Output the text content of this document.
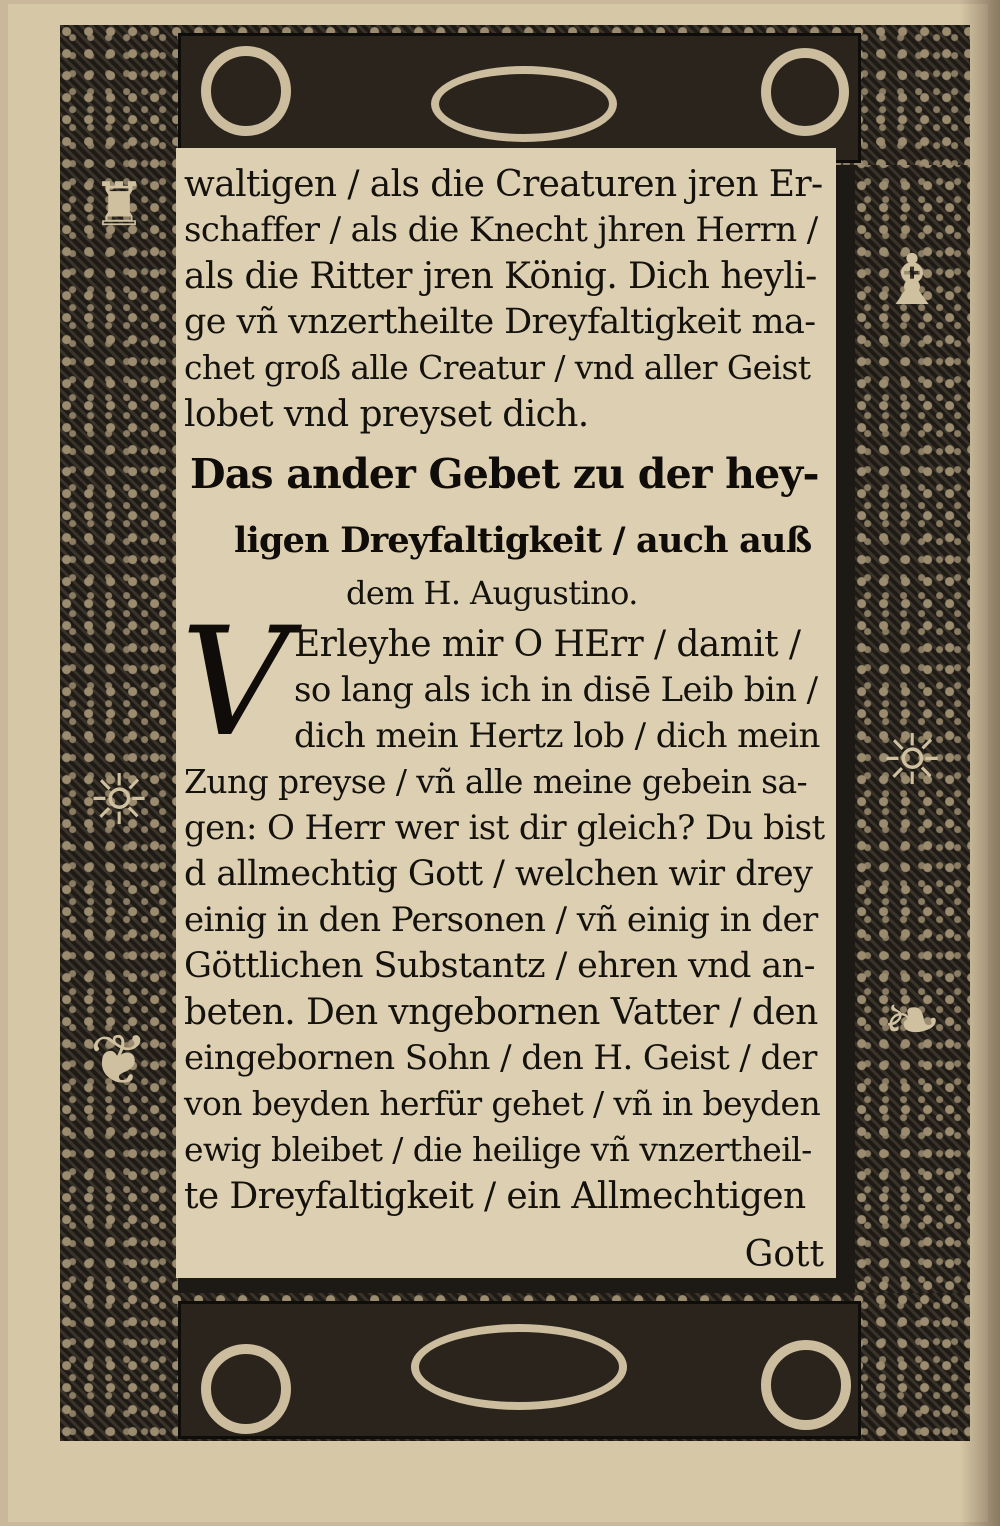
♜
☼
❦
♝
☼
❧
waltigen / als die Creaturen jren Er-
schaffer / als die Knecht jhren Herrn /
als die Ritter jren König. Dich heyli-
ge vñ vnzertheilte Dreyfaltigkeit ma-
chet groß alle Creatur / vnd aller Geist
lobet vnd preyset dich.
Das ander Gebet zu der hey-
ligen Dreyfaltigkeit / auch auß
dem H. Augustino.
V Erleyhe mir O HErr / damit /
so lang als ich in disē Leib bin /
dich mein Hertz lob / dich mein
Zung preyse / vñ alle meine gebein sa-
gen: O Herr wer ist dir gleich? Du bist
d allmechtig Gott / welchen wir drey
einig in den Personen / vñ einig in der
Göttlichen Substantz / ehren vnd an-
beten. Den vngebornen Vatter / den
eingebornen Sohn / den H. Geist / der
von beyden herfür gehet / vñ in beyden
ewig bleibet / die heilige vñ vnzertheil-
te Dreyfaltigkeit / ein Allmechtigen
Gott
